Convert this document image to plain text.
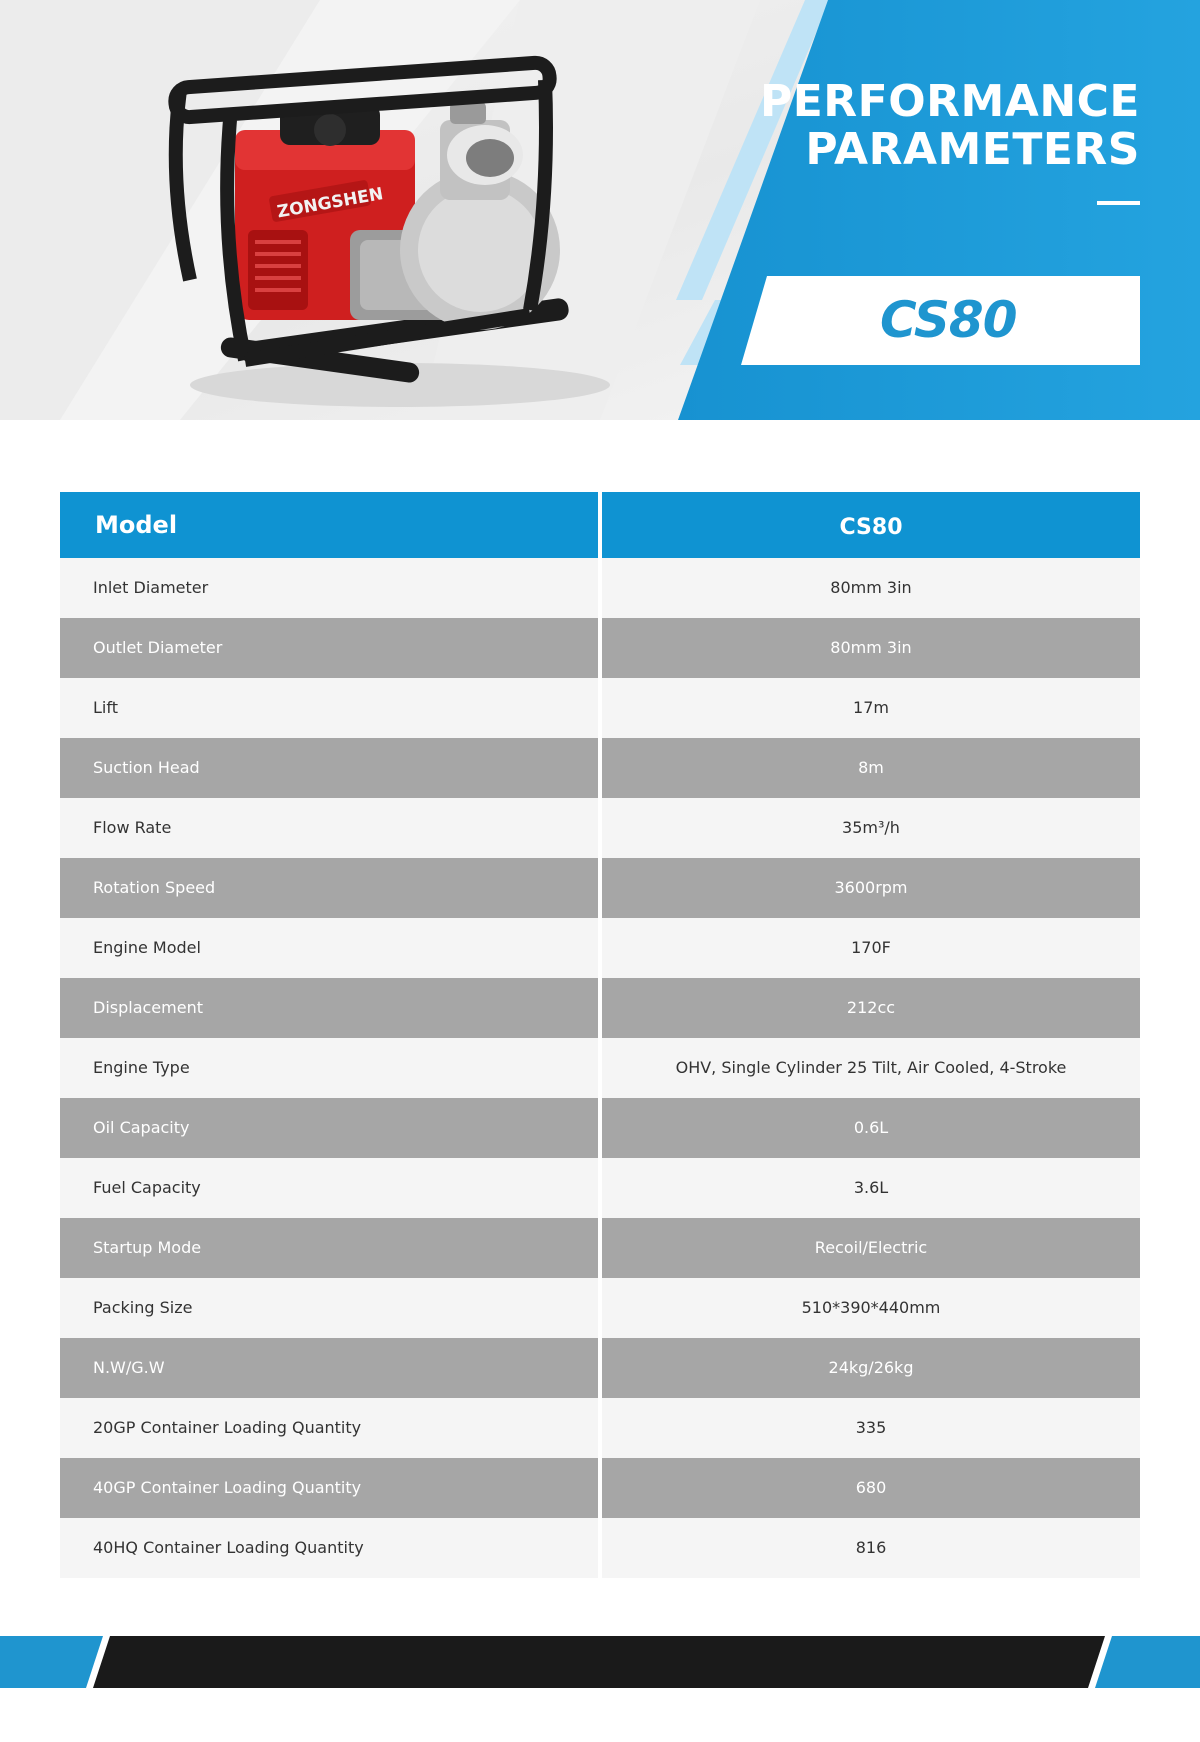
ZONGSHEN
PERFORMANCE
PARAMETERS
CS80
Model	CS80
Inlet Diameter	80mm 3in
Outlet Diameter	80mm 3in
Lift	17m
Suction Head	8m
Flow Rate	35m³/h
Rotation Speed	3600rpm
Engine Model	170F
Displacement	212cc
Engine Type	OHV, Single Cylinder 25 Tilt, Air Cooled, 4-Stroke
Oil Capacity	0.6L
Fuel Capacity	3.6L
Startup Mode	Recoil/Electric
Packing Size	510*390*440mm
N.W/G.W	24kg/26kg
20GP Container Loading Quantity	335
40GP Container Loading Quantity	680
40HQ Container Loading Quantity	816
